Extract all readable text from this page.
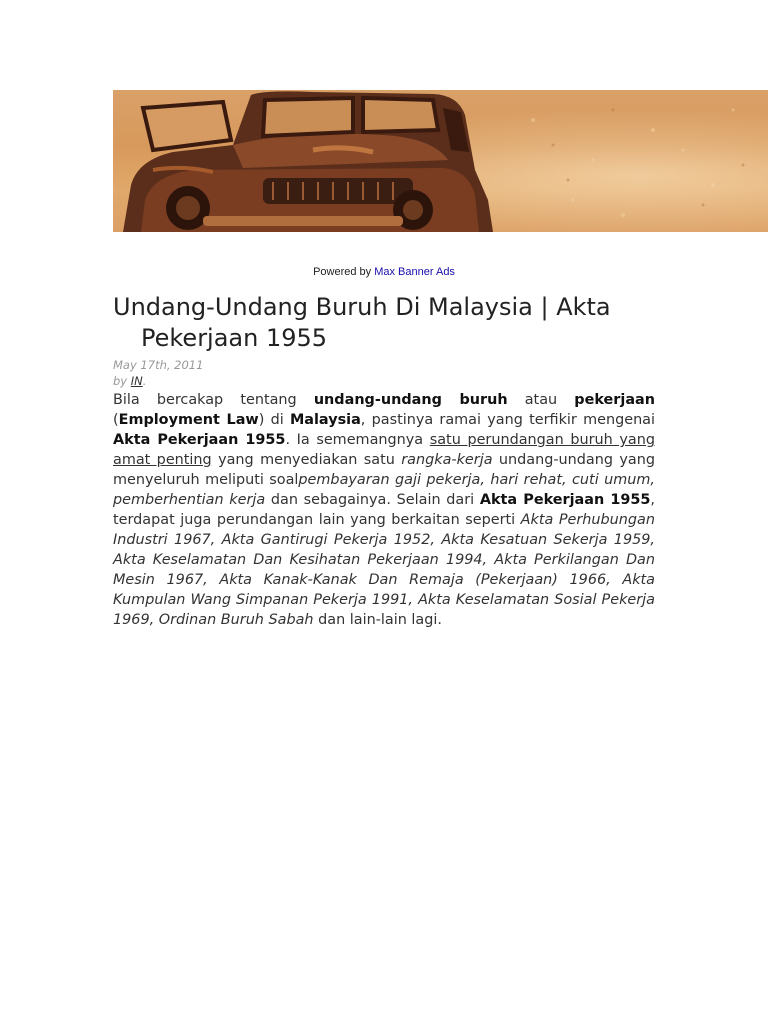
Powered by Max Banner Ads
Undang-Undang Buruh Di Malaysia | Akta Pekerjaan 1955
May 17th, 2011
by IN.

Bila bercakap tentang undang-undang buruh atau pekerjaan (Employment Law) di Malaysia, pastinya ramai yang terfikir mengenai Akta Pekerjaan 1955. Ia sememangnya satu perundangan buruh yang amat penting yang menyediakan satu rangka-kerja undang-undang yang menyeluruh meliputi soalpembayaran gaji pekerja, hari rehat, cuti umum, pemberhentian kerja dan sebagainya. Selain dari Akta Pekerjaan 1955, terdapat juga perundangan lain yang berkaitan seperti Akta Perhubungan Industri 1967, Akta Gantirugi Pekerja 1952, Akta Kesatuan Sekerja 1959, Akta Keselamatan Dan Kesihatan Pekerjaan 1994, Akta Perkilangan Dan Mesin 1967, Akta Kanak-Kanak Dan Remaja (Pekerjaan) 1966, Akta Kumpulan Wang Simpanan Pekerja 1991, Akta Keselamatan Sosial Pekerja 1969, Ordinan Buruh Sabah dan lain-lain lagi.
